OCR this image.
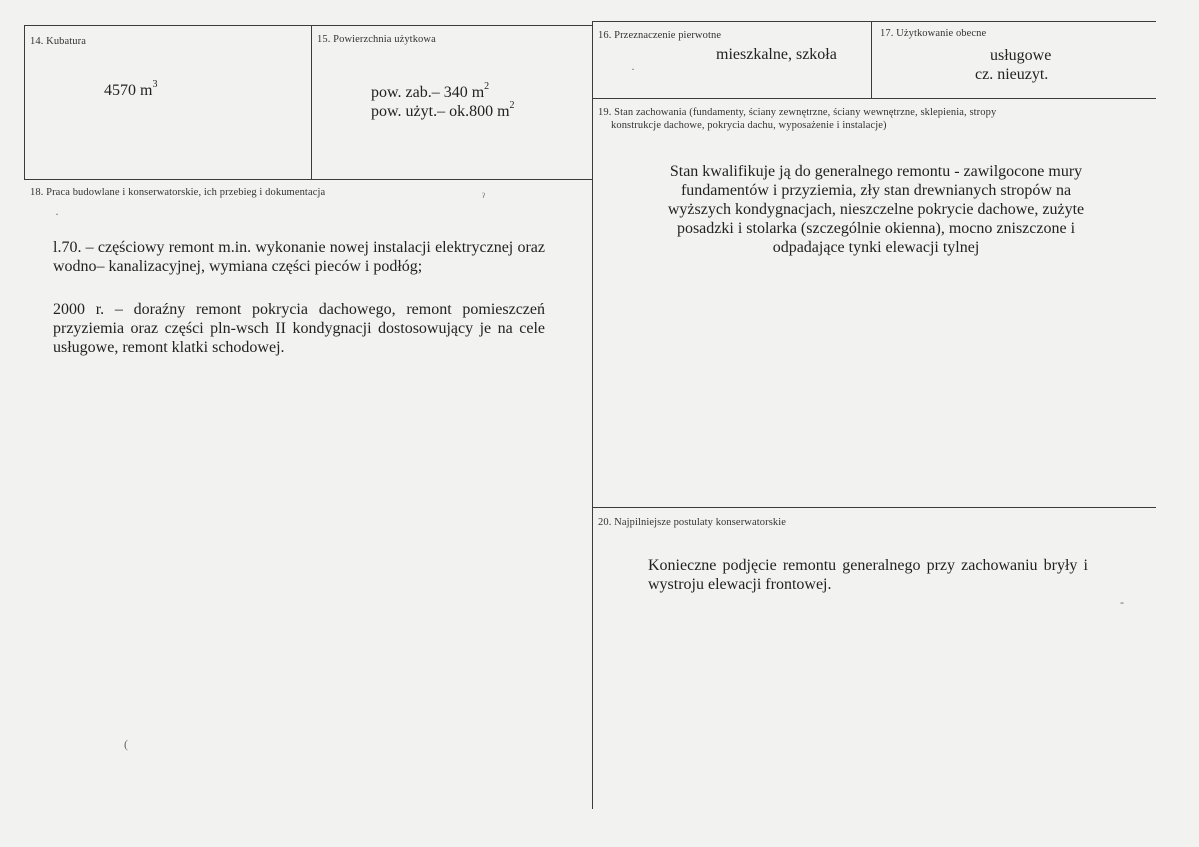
14. Kubatura
4570 $m^3$
15. Powierzchnia użytkowa
pow. zab.– 340 $m^2$
pow. użyt.– ok.800 $m^2$
16. Przeznaczenie pierwotne
mieszkalne, szkoła
17. Użytkowanie obecne
usługowe
cz. nieuzyt.
19. Stan zachowania (fundamenty, ściany zewnętrzne, ściany wewnętrzne, sklepienia, stropy
konstrukcje dachowe, pokrycia dachu, wyposażenie i instalacje)
Stan kwalifikuje ją do generalnego remontu - zawilgocone mury fundamentów i przyziemia, zły stan drewnianych stropów na wyższych kondygnacjach, nieszczelne pokrycie dachowe, zużyte posadzki i stolarka (szczególnie okienna), mocno zniszczone i odpadające tynki elewacji tylnej
18. Praca budowlane i konserwatorskie, ich przebieg i dokumentacja
l.70. – częściowy remont m.in. wykonanie nowej instalacji elektrycznej oraz wodno– kanalizacyjnej, wymiana części pieców i podłóg;
2000 r. – doraźny remont pokrycia dachowego, remont pomieszczeń przyziemia oraz części pln-wsch II kondygnacji dostosowujący je na cele usługowe, remont klatki schodowej.
20. Najpilniejsze postulaty konserwatorskie
Konieczne podjęcie remontu generalnego przy zachowaniu bryły i wystroju elewacji frontowej.
ˀ
·
(
·
-
